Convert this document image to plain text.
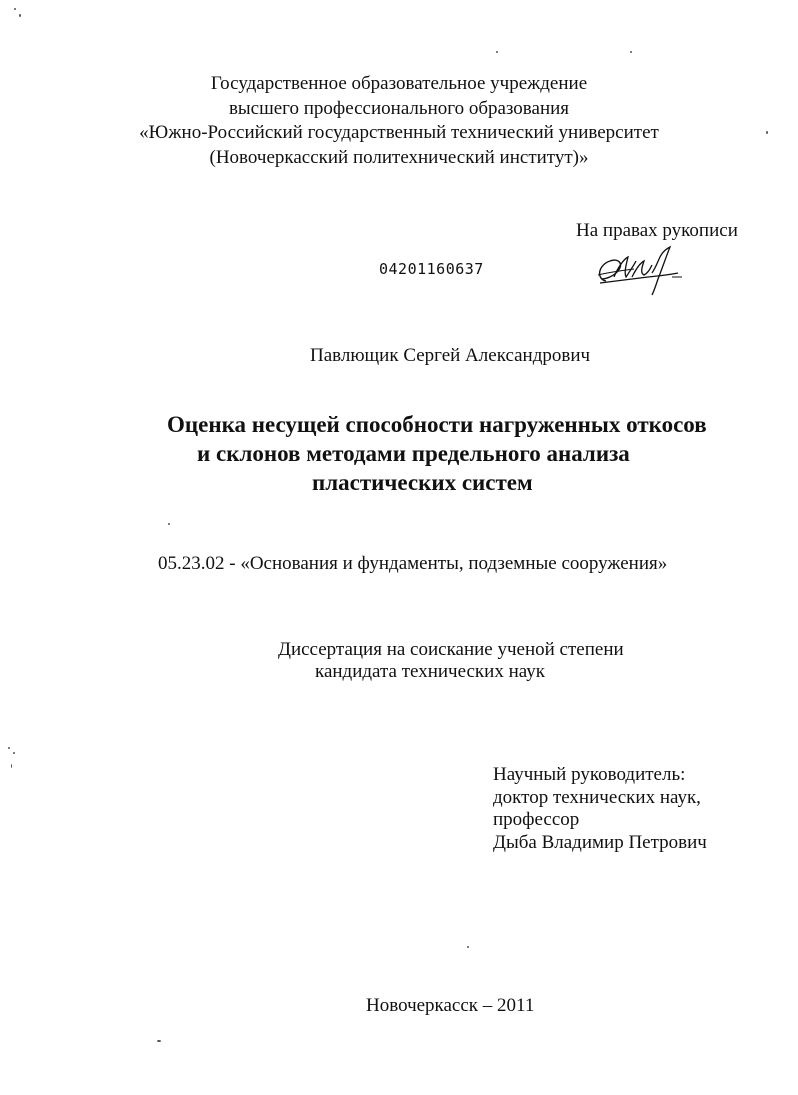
Государственное образовательное учреждение
высшего профессионального образования
«Южно-Российский государственный технический университет
(Новочеркасский политехнический институт)»
На правах рукописи
04201160637
Павлющик Сергей Александрович
Оценка несущей способности нагруженных откосов
и склонов методами предельного анализа
пластических систем
05.23.02 - «Основания и фундаменты, подземные сооружения»
Диссертация на соискание ученой степени
кандидата технических наук
Научный руководитель:
доктор технических наук,
профессор
Дыба Владимир Петрович
Новочеркасск – 2011
